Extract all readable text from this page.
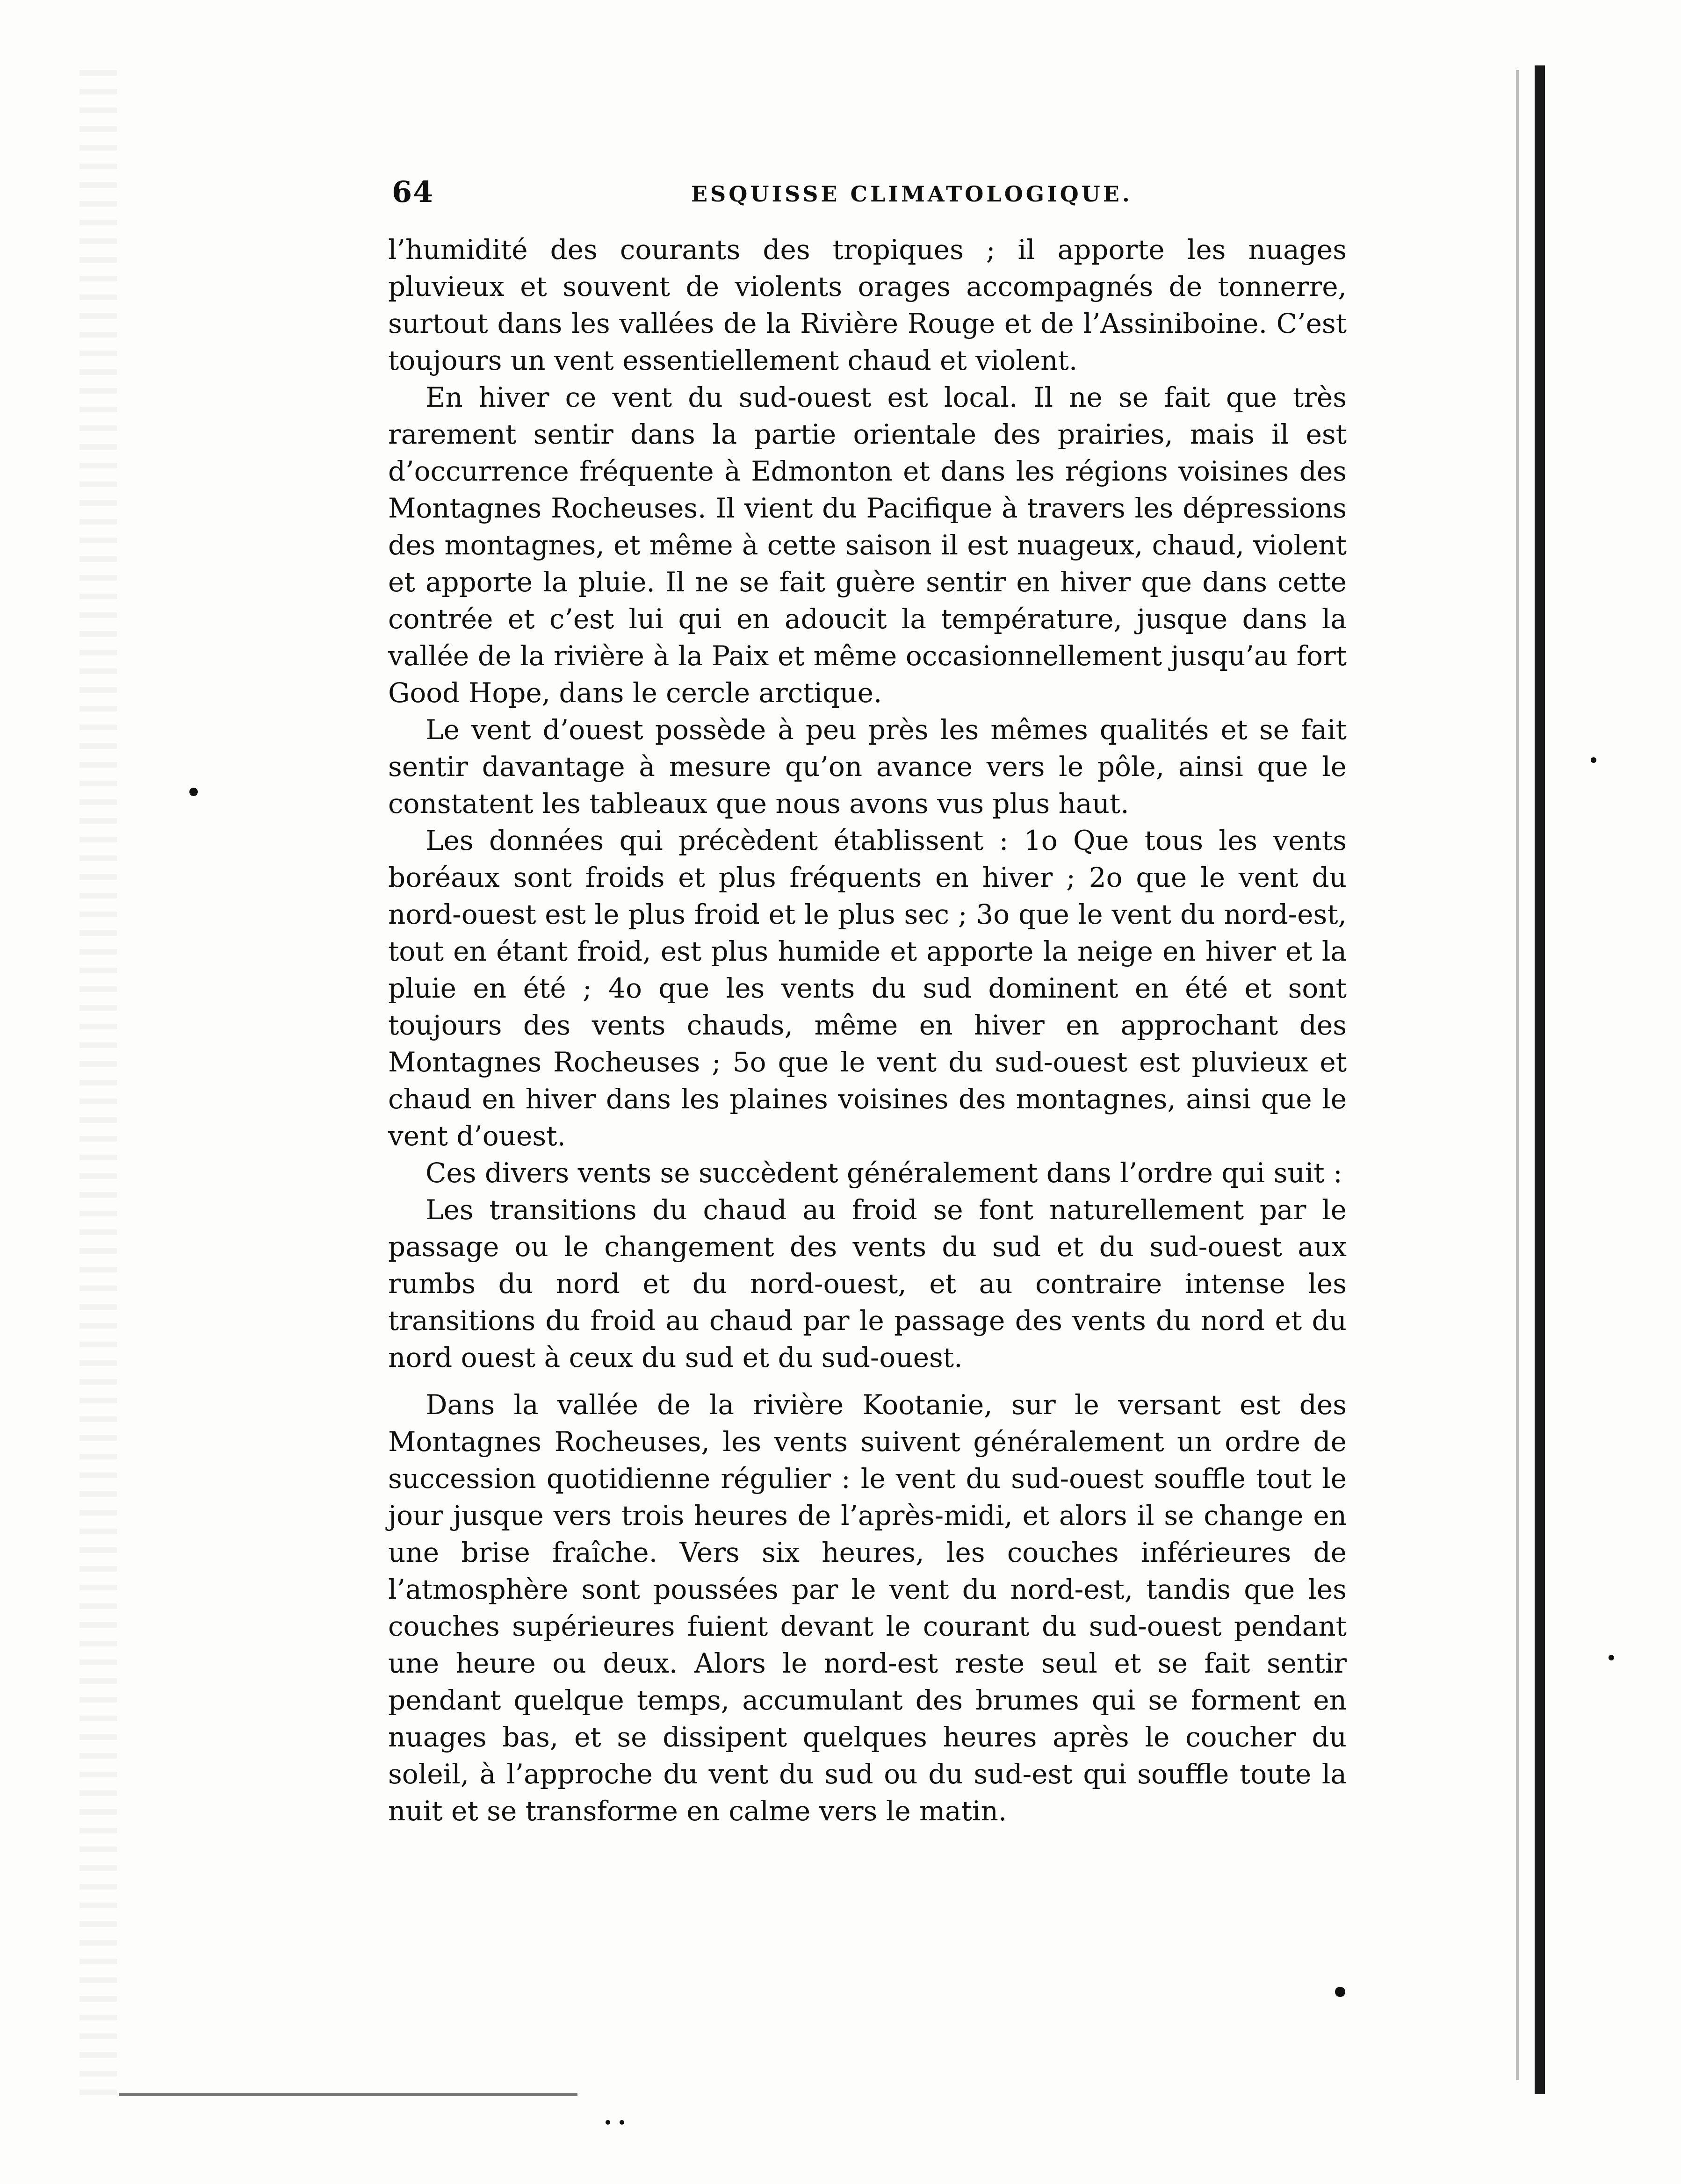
64	ESQUISSE CLIMATOLOGIQUE.

l’humidité des courants des tropiques ; il apporte les nuages pluvieux et souvent de violents orages accompagnés de tonnerre, surtout dans les vallées de la Rivière Rouge et de l’Assiniboine. C’est toujours un vent essentiellement chaud et violent.

En hiver ce vent du sud-ouest est local. Il ne se fait que très rarement sentir dans la partie orientale des prairies, mais il est d’occurrence fréquente à Edmonton et dans les régions voisines des Montagnes Rocheuses. Il vient du Pacifique à travers les dépressions des montagnes, et même à cette saison il est nuageux, chaud, violent et apporte la pluie. Il ne se fait guère sentir en hiver que dans cette contrée et c’est lui qui en adoucit la température, jusque dans la vallée de la rivière à la Paix et même occasionnellement jusqu’au fort Good Hope, dans le cercle arctique.

Le vent d’ouest possède à peu près les mêmes qualités et se fait sentir davantage à mesure qu’on avance vers le pôle, ainsi que le constatent les tableaux que nous avons vus plus haut.

Les données qui précèdent établissent : 1o Que tous les vents boréaux sont froids et plus fréquents en hiver ; 2o que le vent du nord-ouest est le plus froid et le plus sec ; 3o que le vent du nord-est, tout en étant froid, est plus humide et apporte la neige en hiver et la pluie en été ; 4o que les vents du sud dominent en été et sont toujours des vents chauds, même en hiver en approchant des Montagnes Rocheuses ; 5o que le vent du sud-ouest est pluvieux et chaud en hiver dans les plaines voisines des montagnes, ainsi que le vent d’ouest.

Ces divers vents se succèdent généralement dans l’ordre qui suit :

Les transitions du chaud au froid se font naturellement par le passage ou le changement des vents du sud et du sud-ouest aux rumbs du nord et du nord-ouest, et au contraire intense les transitions du froid au chaud par le passage des vents du nord et du nord ouest à ceux du sud et du sud-ouest.

Dans la vallée de la rivière Kootanie, sur le versant est des Montagnes Rocheuses, les vents suivent généralement un ordre de succession quotidienne régulier : le vent du sud-ouest souffle tout le jour jusque vers trois heures de l’après-midi, et alors il se change en une brise fraîche. Vers six heures, les couches inférieures de l’atmosphère sont poussées par le vent du nord-est, tandis que les couches supérieures fuient devant le courant du sud-ouest pendant une heure ou deux. Alors le nord-est reste seul et se fait sentir pendant quelque temps, accumulant des brumes qui se forment en nuages bas, et se dissipent quelques heures après le coucher du soleil, à l’approche du vent du sud ou du sud-est qui souffle toute la nuit et se transforme en calme vers le matin.
